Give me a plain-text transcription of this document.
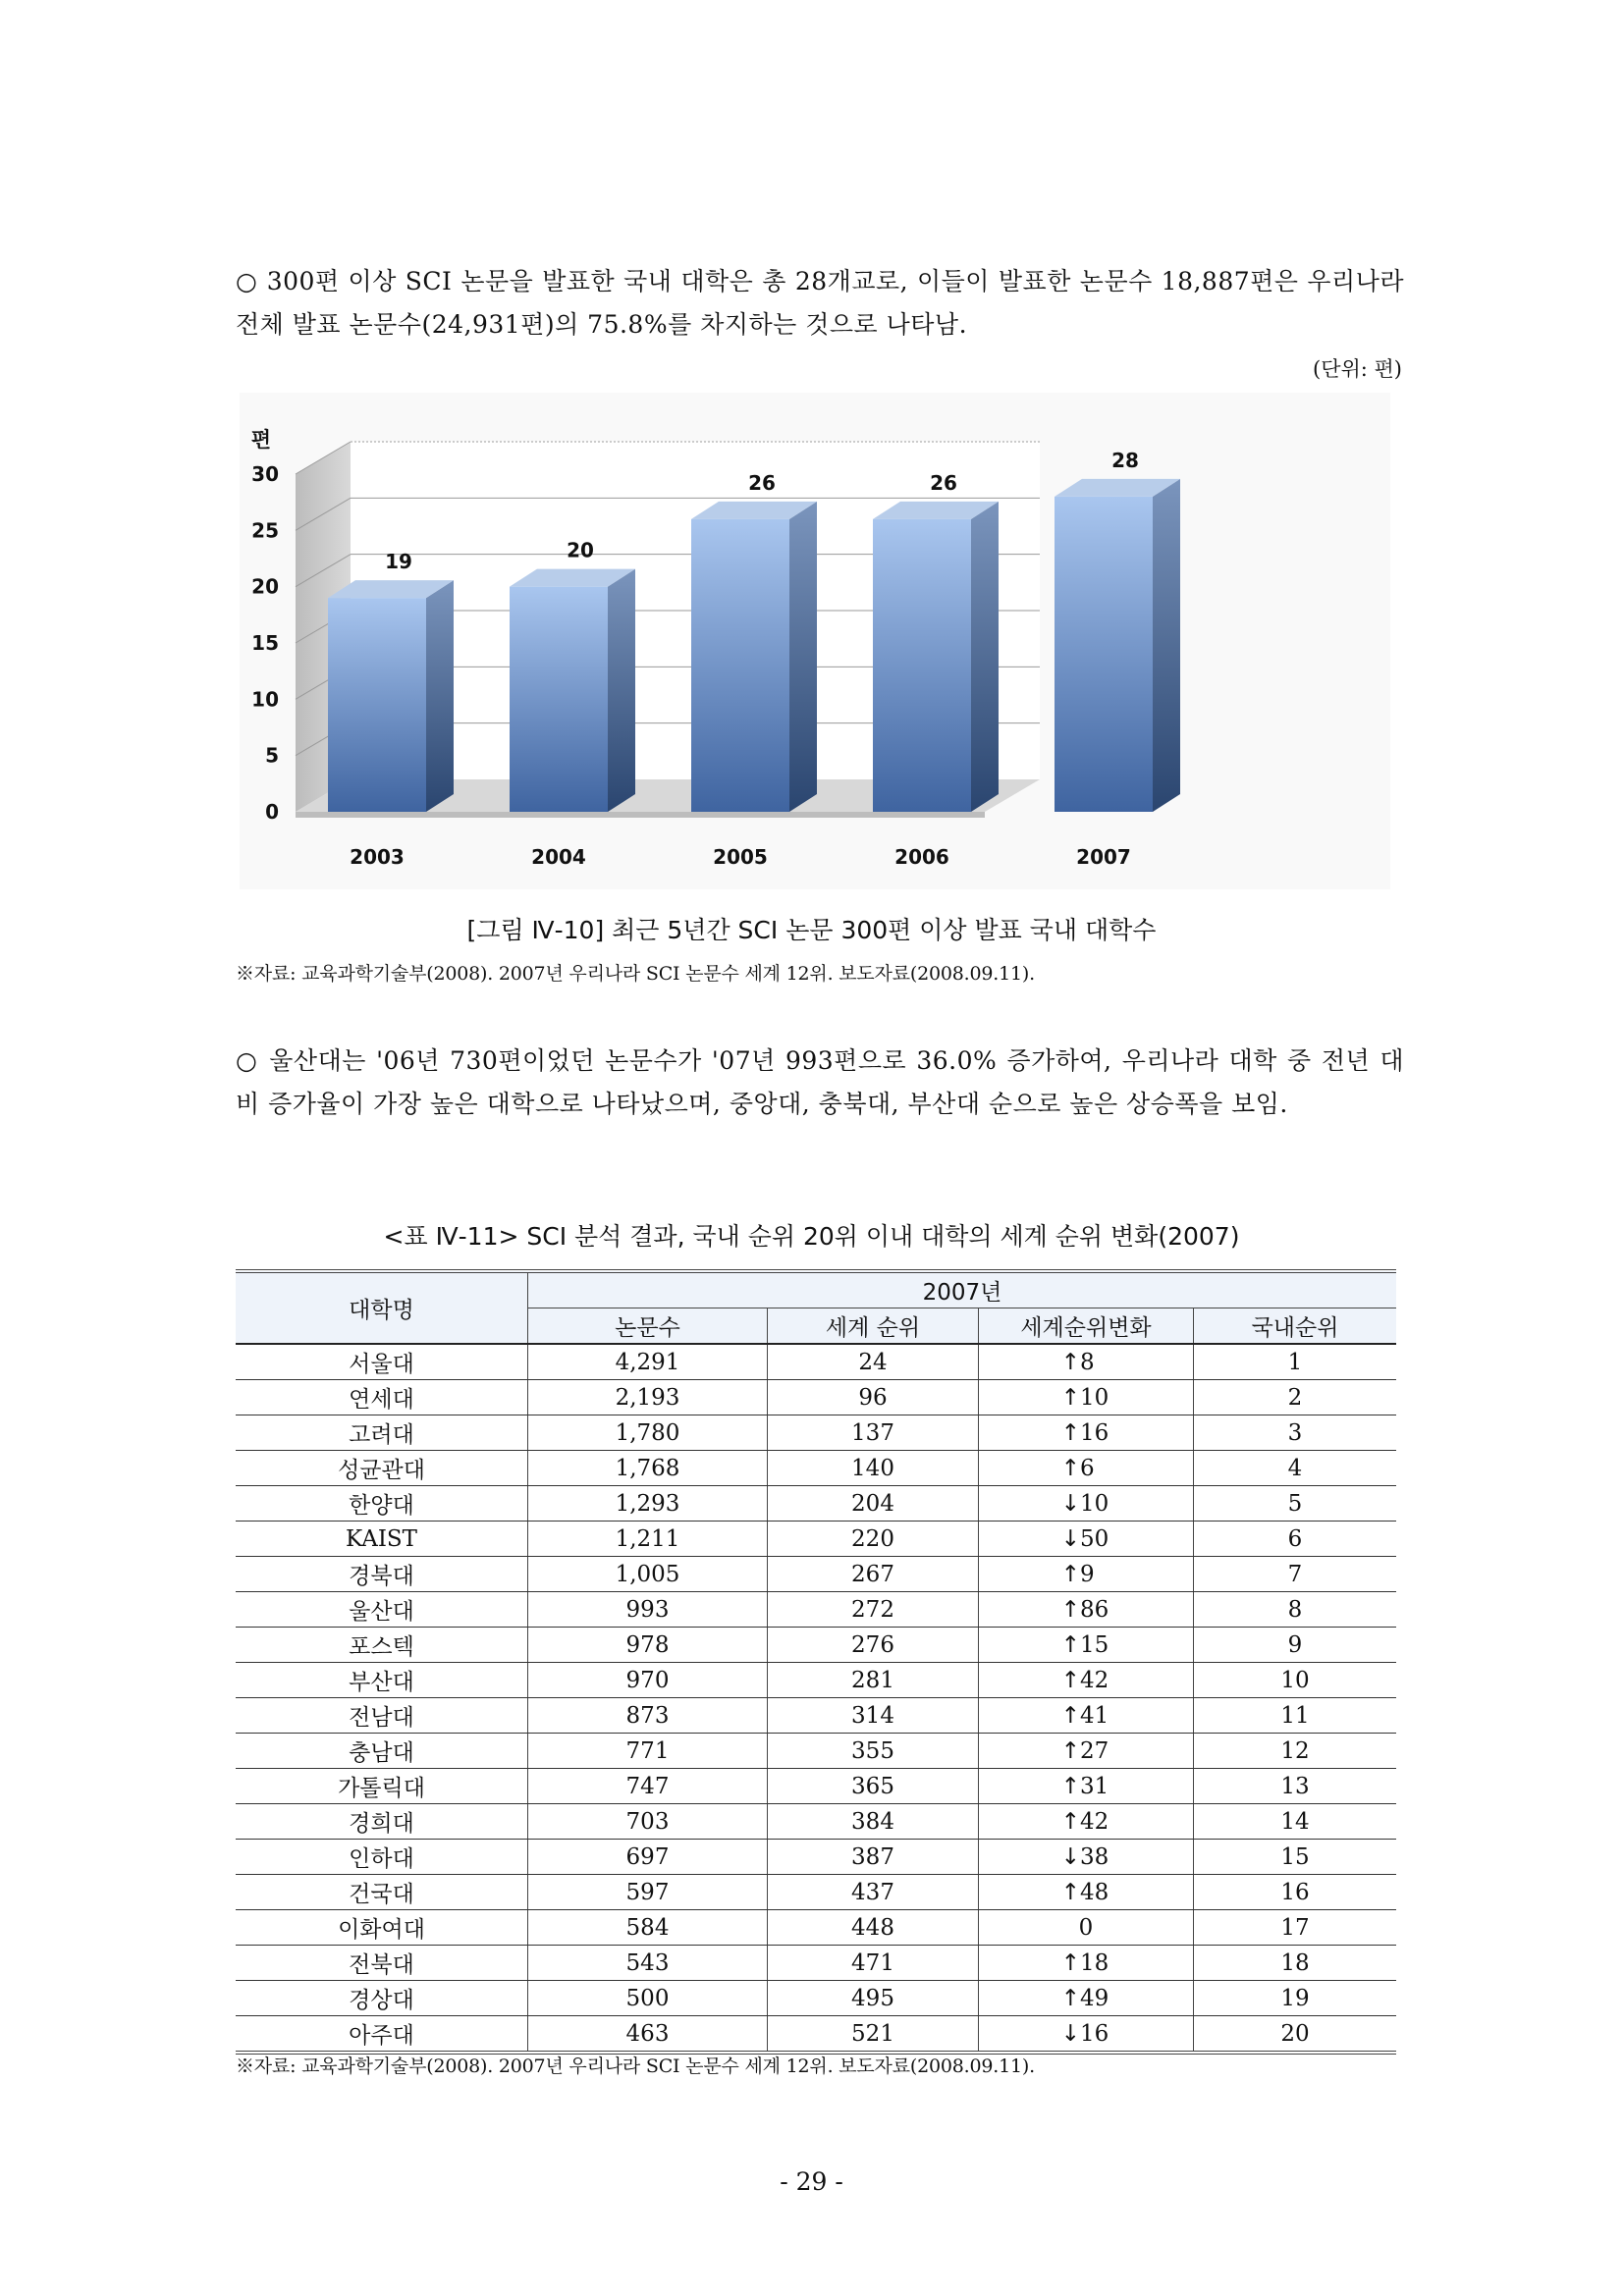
○ 300편 이상 SCI 논문을 발표한 국내 대학은 총 28개교로, 이들이 발표한 논문수 18,887편은 우리나라 전체 발표 논문수(24,931편)의 75.8%를 차지하는 것으로 나타남.
(단위: 편)
0
5
10
15
20
25
30
편
19
2003
20
2004
26
2005
26
2006
28
2007
[그림 Ⅳ-10] 최근 5년간 SCI 논문 300편 이상 발표 국내 대학수
※자료: 교육과학기술부(2008). 2007년 우리나라 SCI 논문수 세계 12위. 보도자료(2008.09.11).
○ 울산대는 '06년 730편이었던 논문수가 '07년 993편으로 36.0% 증가하여, 우리나라 대학 중 전년 대비 증가율이 가장 높은 대학으로 나타났으며, 중앙대, 충북대, 부산대 순으로 높은 상승폭을 보임.
<표 Ⅳ-11> SCI 분석 결과, 국내 순위 20위 이내 대학의 세계 순위 변화(2007)
대학명	2007년			
	논문수	세계 순위	세계순위변화	국내순위
서울대	4,291	24	↑8	1
연세대	2,193	96	↑10	2
고려대	1,780	137	↑16	3
성균관대	1,768	140	↑6	4
한양대	1,293	204	↓10	5
KAIST	1,211	220	↓50	6
경북대	1,005	267	↑9	7
울산대	993	272	↑86	8
포스텍	978	276	↑15	9
부산대	970	281	↑42	10
전남대	873	314	↑41	11
충남대	771	355	↑27	12
가톨릭대	747	365	↑31	13
경희대	703	384	↑42	14
인하대	697	387	↓38	15
건국대	597	437	↑48	16
이화여대	584	448	0	17
전북대	543	471	↑18	18
경상대	500	495	↑49	19
아주대	463	521	↓16	20
※자료: 교육과학기술부(2008). 2007년 우리나라 SCI 논문수 세계 12위. 보도자료(2008.09.11).
- 29 -
